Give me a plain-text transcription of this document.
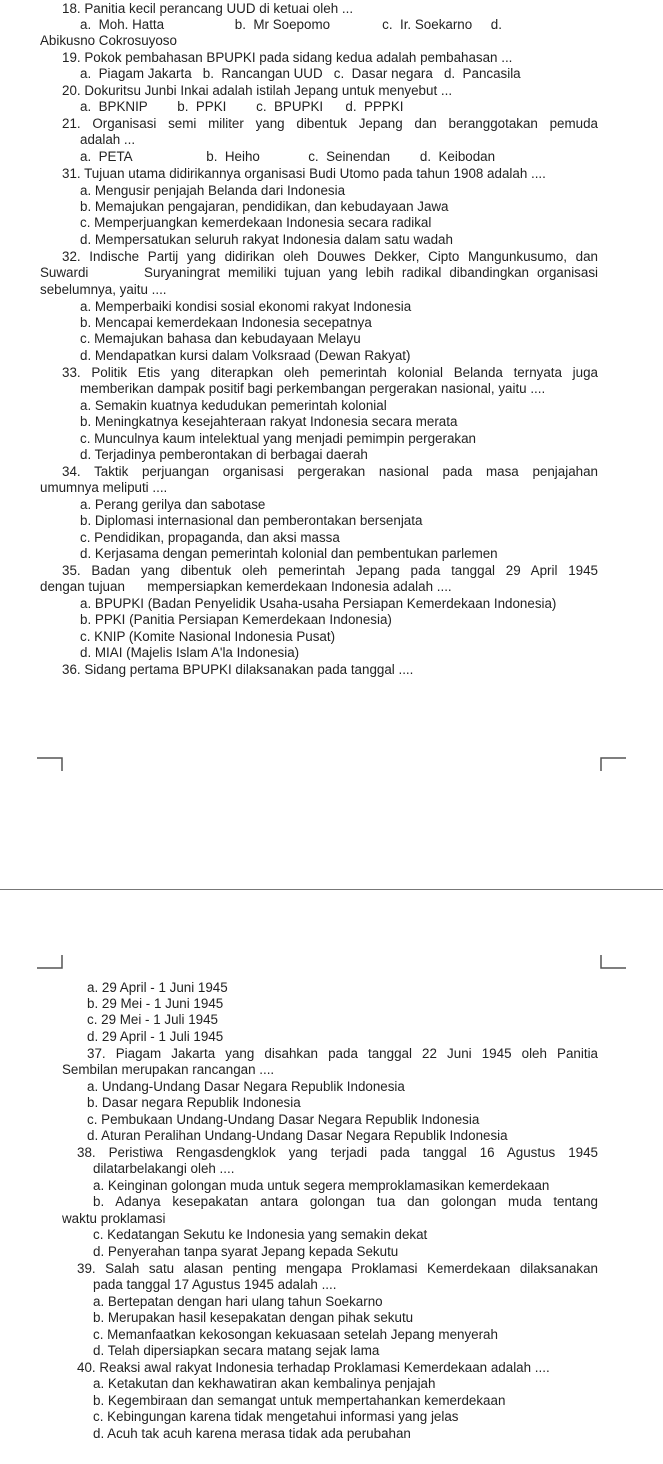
18. Panitia kecil perancang UUD di ketuai oleh ...
a.  Moh. Hatta                   b.  Mr Soepomo              c.  Ir. Soekarno     d.
Abikusno Cokrosuyoso
19. Pokok pembahasan BPUPKI pada sidang kedua adalah pembahasan ...
a.  Piagam Jakarta   b.  Rancangan UUD   c.  Dasar negara   d.  Pancasila
20. Dokuritsu Junbi Inkai adalah istilah Jepang untuk menyebut ...
a.  BPKNIP        b.  PPKI        c.  BPUPKI      d.  PPPKI
21. Organisasi semi militer yang dibentuk Jepang dan beranggotakan pemuda
adalah ...
a.  PETA                    b.  Heiho             c.  Seinendan        d.  Keibodan
31. Tujuan utama didirikannya organisasi Budi Utomo pada tahun 1908 adalah ....
a. Mengusir penjajah Belanda dari Indonesia
b. Memajukan pengajaran, pendidikan, dan kebudayaan Jawa
c. Memperjuangkan kemerdekaan Indonesia secara radikal
d. Mempersatukan seluruh rakyat Indonesia dalam satu wadah
32. Indische Partij yang didirikan oleh Douwes Dekker, Cipto Mangunkusumo, dan
Suwardi       Suryaningrat memiliki tujuan yang lebih radikal dibandingkan organisasi
sebelumnya, yaitu ....
a. Memperbaiki kondisi sosial ekonomi rakyat Indonesia
b. Mencapai kemerdekaan Indonesia secepatnya
c. Memajukan bahasa dan kebudayaan Melayu
d. Mendapatkan kursi dalam Volksraad (Dewan Rakyat)
33. Politik Etis yang diterapkan oleh pemerintah kolonial Belanda ternyata juga
memberikan dampak positif bagi perkembangan pergerakan nasional, yaitu ....
a. Semakin kuatnya kedudukan pemerintah kolonial
b. Meningkatnya kesejahteraan rakyat Indonesia secara merata
c. Munculnya kaum intelektual yang menjadi pemimpin pergerakan
d. Terjadinya pemberontakan di berbagai daerah
34. Taktik perjuangan organisasi pergerakan nasional pada masa penjajahan
umumnya meliputi ....
a. Perang gerilya dan sabotase
b. Diplomasi internasional dan pemberontakan bersenjata
c. Pendidikan, propaganda, dan aksi massa
d. Kerjasama dengan pemerintah kolonial dan pembentukan parlemen
35. Badan yang dibentuk oleh pemerintah Jepang pada tanggal 29 April 1945
dengan tujuan      mempersiapkan kemerdekaan Indonesia adalah ....
a. BPUPKI (Badan Penyelidik Usaha-usaha Persiapan Kemerdekaan Indonesia)
b. PPKI (Panitia Persiapan Kemerdekaan Indonesia)
c. KNIP (Komite Nasional Indonesia Pusat)
d. MIAI (Majelis Islam A'la Indonesia)
36. Sidang pertama BPUPKI dilaksanakan pada tanggal ....
a. 29 April - 1 Juni 1945
b. 29 Mei - 1 Juni 1945
c. 29 Mei - 1 Juli 1945
d. 29 April - 1 Juli 1945
37. Piagam Jakarta yang disahkan pada tanggal 22 Juni 1945 oleh Panitia
Sembilan merupakan rancangan ....
a. Undang-Undang Dasar Negara Republik Indonesia
b. Dasar negara Republik Indonesia
c. Pembukaan Undang-Undang Dasar Negara Republik Indonesia
d. Aturan Peralihan Undang-Undang Dasar Negara Republik Indonesia
38. Peristiwa Rengasdengklok yang terjadi pada tanggal 16 Agustus 1945
dilatarbelakangi oleh ....
a. Keinginan golongan muda untuk segera memproklamasikan kemerdekaan
b. Adanya kesepakatan antara golongan tua dan golongan muda tentang
waktu proklamasi
c. Kedatangan Sekutu ke Indonesia yang semakin dekat
d. Penyerahan tanpa syarat Jepang kepada Sekutu
39. Salah satu alasan penting mengapa Proklamasi Kemerdekaan dilaksanakan
pada tanggal 17 Agustus 1945 adalah ....
a. Bertepatan dengan hari ulang tahun Soekarno
b. Merupakan hasil kesepakatan dengan pihak sekutu
c. Memanfaatkan kekosongan kekuasaan setelah Jepang menyerah
d. Telah dipersiapkan secara matang sejak lama
40. Reaksi awal rakyat Indonesia terhadap Proklamasi Kemerdekaan adalah ....
a. Ketakutan dan kekhawatiran akan kembalinya penjajah
b. Kegembiraan dan semangat untuk mempertahankan kemerdekaan
c. Kebingungan karena tidak mengetahui informasi yang jelas
d. Acuh tak acuh karena merasa tidak ada perubahan
